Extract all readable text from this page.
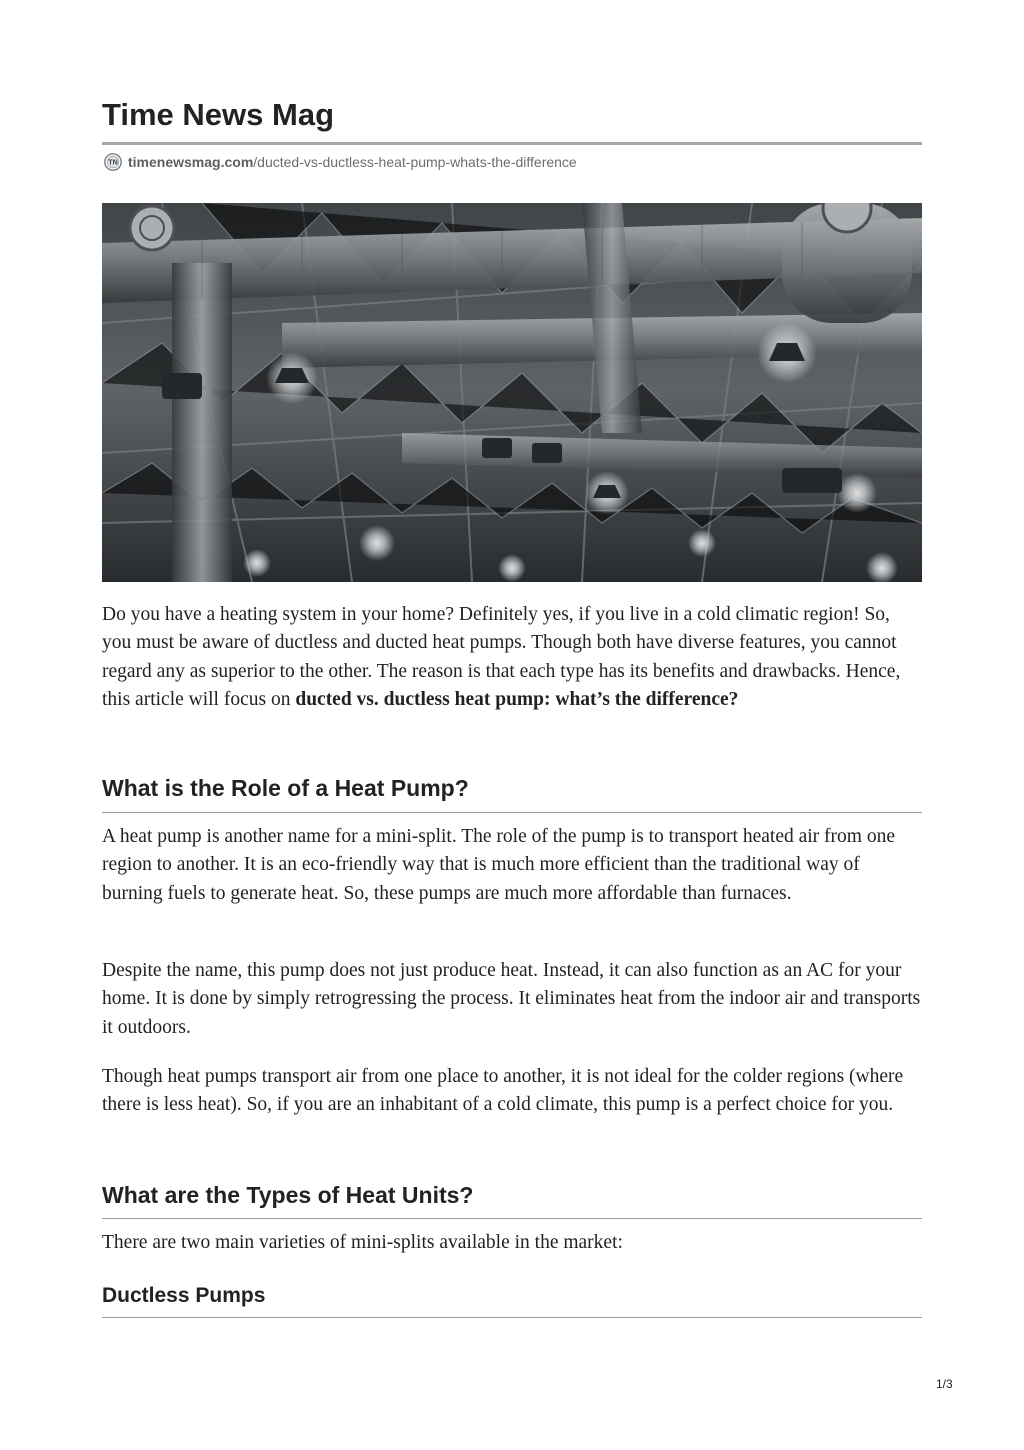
Time News Mag
TN timenewsmag.com /ducted-vs-ductless-heat-pump-whats-the-difference

Do you have a heating system in your home? Definitely yes, if you live in a cold climatic region! So, you must be aware of ductless and ducted heat pumps. Though both have diverse features, you cannot regard any as superior to the other. The reason is that each type has its benefits and drawbacks. Hence, this article will focus on ducted vs. ductless heat pump: what’s the difference?

What is the Role of a Heat Pump?

A heat pump is another name for a mini-split. The role of the pump is to transport heated air from one region to another. It is an eco-friendly way that is much more efficient than the traditional way of burning fuels to generate heat. So, these pumps are much more affordable than furnaces.

Despite the name, this pump does not just produce heat. Instead, it can also function as an AC for your home. It is done by simply retrogressing the process. It eliminates heat from the indoor air and transports it outdoors.

Though heat pumps transport air from one place to another, it is not ideal for the colder regions (where there is less heat). So, if you are an inhabitant of a cold climate, this pump is a perfect choice for you.

What are the Types of Heat Units?

There are two main varieties of mini-splits available in the market:

Ductless Pumps
1/3
